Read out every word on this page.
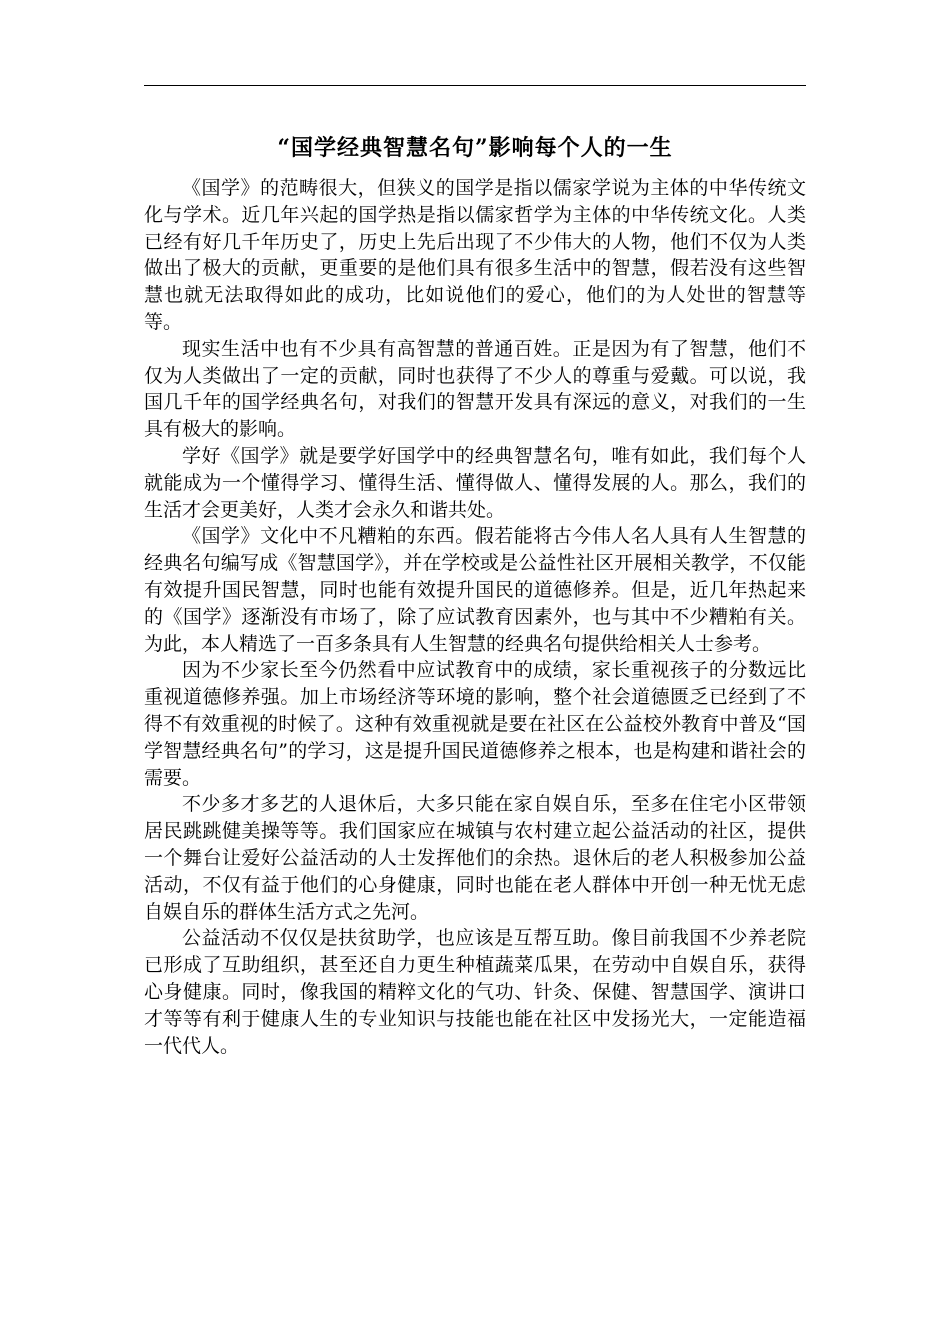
“国学经典智慧名句”影响每个人的一生

《国学》的范畴很大，但狭义的国学是指以儒家学说为主体的中华传统文化与学术。近几年兴起的国学热是指以儒家哲学为主体的中华传统文化。人类已经有好几千年历史了，历史上先后出现了不少伟大的人物，他们不仅为人类做出了极大的贡献，更重要的是他们具有很多生活中的智慧，假若没有这些智慧也就无法取得如此的成功，比如说他们的爱心，他们的为人处世的智慧等等。

现实生活中也有不少具有高智慧的普通百姓。正是因为有了智慧，他们不仅为人类做出了一定的贡献，同时也获得了不少人的尊重与爱戴。可以说，我国几千年的国学经典名句，对我们的智慧开发具有深远的意义，对我们的一生具有极大的影响。

学好《国学》就是要学好国学中的经典智慧名句，唯有如此，我们每个人就能成为一个懂得学习、懂得生活、懂得做人、懂得发展的人。那么，我们的生活才会更美好，人类才会永久和谐共处。

《国学》文化中不凡糟粕的东西。假若能将古今伟人名人具有人生智慧的经典名句编写成《智慧国学》，并在学校或是公益性社区开展相关教学，不仅能有效提升国民智慧，同时也能有效提升国民的道德修养。但是，近几年热起来的《国学》逐渐没有市场了，除了应试教育因素外，也与其中不少糟粕有关。为此，本人精选了一百多条具有人生智慧的经典名句提供给相关人士参考。

因为不少家长至今仍然看中应试教育中的成绩，家长重视孩子的分数远比重视道德修养强。加上市场经济等环境的影响，整个社会道德匮乏已经到了不得不有效重视的时候了。这种有效重视就是要在社区在公益校外教育中普及“国学智慧经典名句”的学习，这是提升国民道德修养之根本，也是构建和谐社会的需要。

不少多才多艺的人退休后，大多只能在家自娱自乐，至多在住宅小区带领居民跳跳健美操等等。我们国家应在城镇与农村建立起公益活动的社区，提供一个舞台让爱好公益活动的人士发挥他们的余热。退休后的老人积极参加公益活动，不仅有益于他们的心身健康，同时也能在老人群体中开创一种无忧无虑自娱自乐的群体生活方式之先河。

公益活动不仅仅是扶贫助学，也应该是互帮互助。像目前我国不少养老院已形成了互助组织，甚至还自力更生种植蔬菜瓜果，在劳动中自娱自乐，获得心身健康。同时，像我国的精粹文化的气功、针灸、保健、智慧国学、演讲口才等等有利于健康人生的专业知识与技能也能在社区中发扬光大，一定能造福一代代人。
